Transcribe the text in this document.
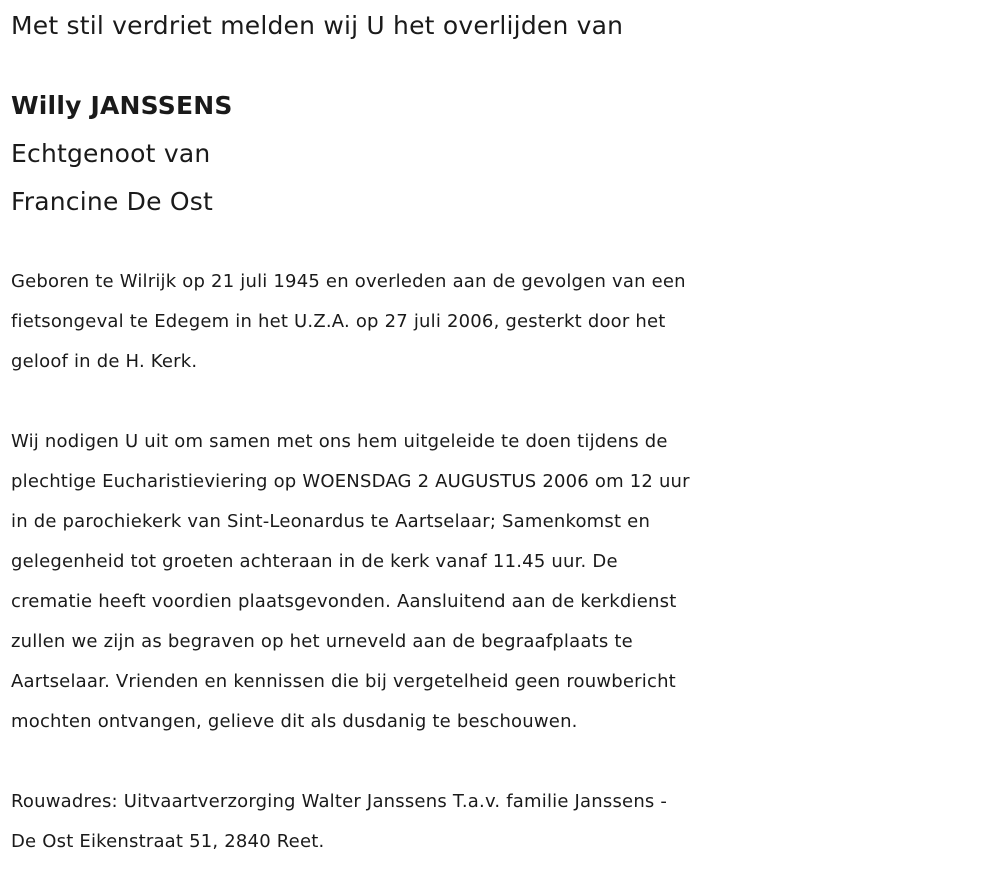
Met stil verdriet melden wij U het overlijden van
Willy JANSSENS
Echtgenoot van
Francine De Ost
Geboren te Wilrijk op 21 juli 1945 en overleden aan de gevolgen van een
fietsongeval te Edegem in het U.Z.A. op 27 juli 2006, gesterkt door het
geloof in de H. Kerk.
Wij nodigen U uit om samen met ons hem uitgeleide te doen tijdens de
plechtige Eucharistieviering op WOENSDAG 2 AUGUSTUS 2006 om 12 uur
in de parochiekerk van Sint-Leonardus te Aartselaar; Samenkomst en
gelegenheid tot groeten achteraan in de kerk vanaf 11.45 uur. De
crematie heeft voordien plaatsgevonden. Aansluitend aan de kerkdienst
zullen we zijn as begraven op het urneveld aan de begraafplaats te
Aartselaar. Vrienden en kennissen die bij vergetelheid geen rouwbericht
mochten ontvangen, gelieve dit als dusdanig te beschouwen.
Rouwadres: Uitvaartverzorging Walter Janssens T.a.v. familie Janssens -
De Ost Eikenstraat 51, 2840 Reet.
